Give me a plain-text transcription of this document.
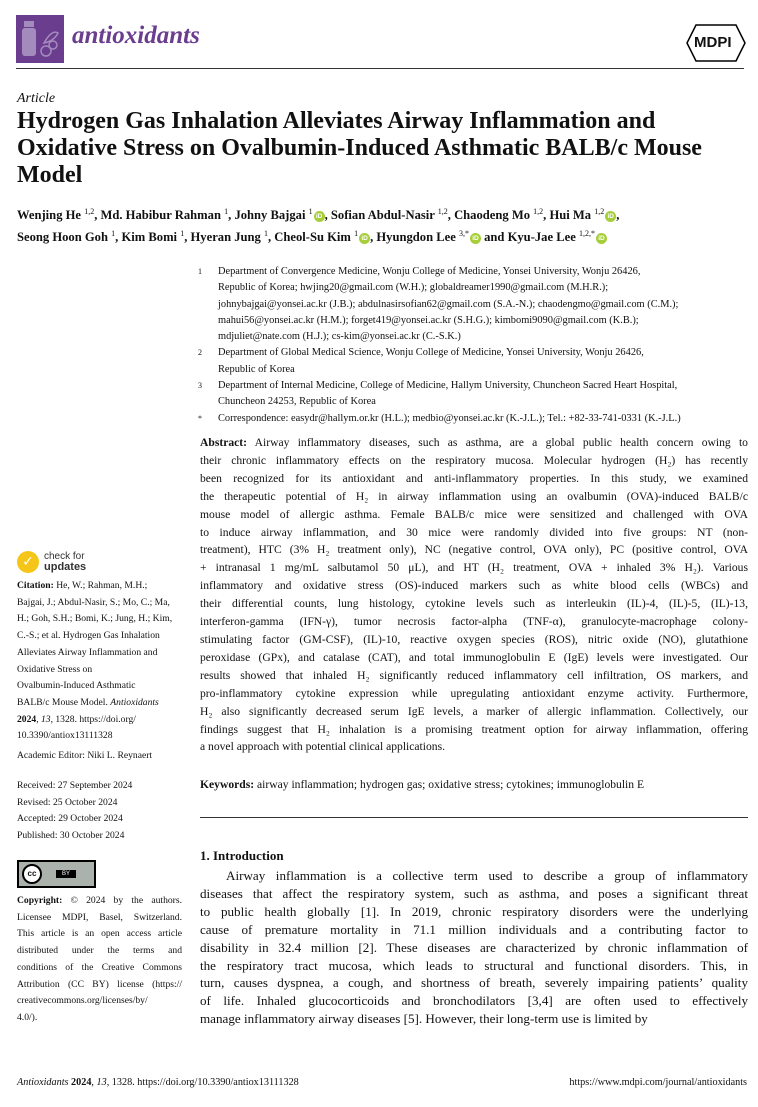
antioxidants	MDPI
Article
Hydrogen Gas Inhalation Alleviates Airway Inflammation and Oxidative Stress on Ovalbumin-Induced Asthmatic BALB/c Mouse Model
Wenjing He $^{1,2}$, Md. Habibur Rahman $^1$, Johny Bajgai $^1$iD , Sofian Abdul-Nasir $^{1,2}$, Chaodeng Mo $^{1,2}$, Hui Ma $^{1,2}$iD ,
Seong Hoon Goh $^1$, Kim Bomi $^1$, Hyeran Jung $^1$, Cheol-Su Kim $^1$iD , Hyungdon Lee $^{3,*}$iD and Kyu-Jae Lee $^{1,2,*}$iD
1	Department of Convergence Medicine, Wonju College of Medicine, Yonsei University, Wonju 26426,
Republic of Korea; hwjing20@gmail.com (W.H.); globaldreamer1990@gmail.com (M.H.R.);
johnybajgai@yonsei.ac.kr (J.B.); abdulnasirsofian62@gmail.com (S.A.-N.); chaodengmo@gmail.com (C.M.);
mahui56@yonsei.ac.kr (H.M.); forget419@yonsei.ac.kr (S.H.G.); kimbomi9090@gmail.com (K.B.);
mdjuliet@nate.com (H.J.); cs-kim@yonsei.ac.kr (C.-S.K.)
2	Department of Global Medical Science, Wonju College of Medicine, Yonsei University, Wonju 26426,
Republic of Korea
3	Department of Internal Medicine, College of Medicine, Hallym University, Chuncheon Sacred Heart Hospital,
Chuncheon 24253, Republic of Korea
*	Correspondence: easydr@hallym.or.kr (H.L.); medbio@yonsei.ac.kr (K.-J.L.); Tel.: +82-33-741-0331 (K.-J.L.)
Abstract: Airway inflammatory diseases, such as asthma, are a global public health concern owing to
their chronic inflammatory effects on the respiratory mucosa. Molecular hydrogen (H₂) has recently
been recognized for its antioxidant and anti-inflammatory properties. In this study, we examined
the therapeutic potential of H₂ in airway inflammation using an ovalbumin (OVA)-induced BALB/c
mouse model of allergic asthma. Female BALB/c mice were sensitized and challenged with OVA
to induce airway inflammation, and 30 mice were randomly divided into five groups: NT (non-
treatment), HTC (3% H₂ treatment only), NC (negative control, OVA only), PC (positive control, OVA
+ intranasal 1 mg/mL salbutamol 50 μL), and HT (H₂ treatment, OVA + inhaled 3% H₂). Various
inflammatory and oxidative stress (OS)-induced markers such as white blood cells (WBCs) and
their differential counts, lung histology, cytokine levels such as interleukin (IL)-4, (IL)-5, (IL)-13,
interferon-gamma (IFN-γ), tumor necrosis factor-alpha (TNF-α), granulocyte-macrophage colony-
stimulating factor (GM-CSF), (IL)-10, reactive oxygen species (ROS), nitric oxide (NO), glutathione
peroxidase (GPx), and catalase (CAT), and total immunoglobulin E (IgE) levels were investigated. Our
results showed that inhaled H₂ significantly reduced inflammatory cell infiltration, OS markers, and
pro-inflammatory cytokine expression while upregulating antioxidant enzyme activity. Furthermore,
H₂ also significantly decreased serum IgE levels, a marker of allergic inflammation. Collectively, our
findings suggest that H₂ inhalation is a promising treatment option for airway inflammation, offering
a novel approach with potential clinical applications.
Keywords: airway inflammation; hydrogen gas; oxidative stress; cytokines; immunoglobulin E
1. Introduction
Airway inflammation is a collective term used to describe a group of inflammatory
diseases that affect the respiratory system, such as asthma, and poses a significant threat
to public health globally [1]. In 2019, chronic respiratory disorders were the underlying
cause of premature mortality in 71.1 million individuals and a contributing factor to
disability in 32.4 million [2]. These diseases are characterized by chronic inflammation of
the respiratory tract mucosa, which leads to structural and functional disorders. This, in
turn, causes dyspnea, a cough, and shortness of breath, severely impairing patients’ quality
of life. Inhaled glucocorticoids and bronchodilators [3,4] are often used to effectively
manage inflammatory airway diseases [5]. However, their long-term use is limited by
✓	check for
updates
Citation: He, W.; Rahman, M.H.;
Bajgai, J.; Abdul-Nasir, S.; Mo, C.; Ma,
H.; Goh, S.H.; Bomi, K.; Jung, H.; Kim,
C.-S.; et al. Hydrogen Gas Inhalation
Alleviates Airway Inflammation and
Oxidative Stress on
Ovalbumin-Induced Asthmatic
BALB/c Mouse Model. Antioxidants
2024, 13, 1328. https://doi.org/
10.3390/antiox13111328
Academic Editor: Niki L. Reynaert
Received: 27 September 2024
Revised: 25 October 2024
Accepted: 29 October 2024
Published: 30 October 2024
cc	BY
Copyright: © 2024 by the authors.
Licensee MDPI, Basel, Switzerland.
This article is an open access article
distributed under the terms and
conditions of the Creative Commons
Attribution (CC BY) license (https://
creativecommons.org/licenses/by/
4.0/).
Antioxidants 2024, 13, 1328. https://doi.org/10.3390/antiox13111328	https://www.mdpi.com/journal/antioxidants
